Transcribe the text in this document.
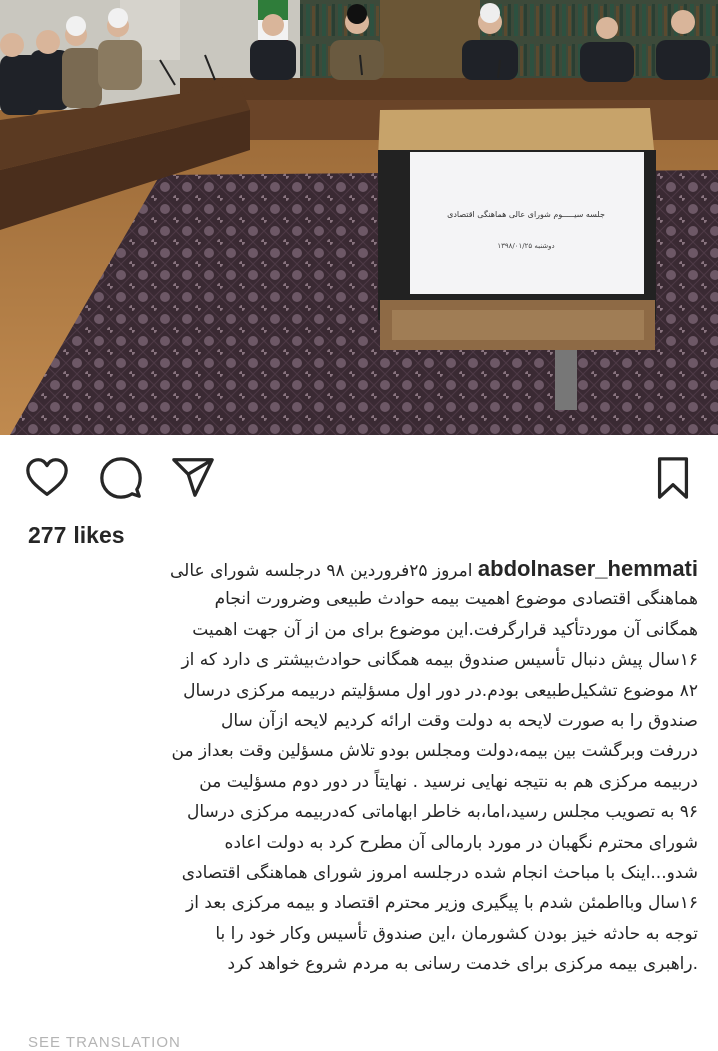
جلسه سیـــ‌ــوم شورای عالی هماهنگی اقتصادی
دوشنبه ۱۳۹۸/۰۱/۲۵
277 likes
abdolnaser_hemmati امروز ۲۵فروردین ۹۸ درجلسه شورای عالی
هماهنگی اقتصادی موضوع اهمیت بیمه حوادث طبیعی وضرورت انجام
همگانی آن موردتأکید قرارگرفت.این موضوع برای من از آن جهت اهمیت
۱۶سال پیش دنبال تأسیس صندوق بیمه همگانی حوادث‌بیشتر ی دارد که از
۸۲ موضوع تشکیل‌طبیعی بودم.در دور اول مسؤلیتم دربیمه مرکزی درسال
صندوق را به صورت لایحه به دولت وقت ارائه کردیم لایحه ازآن سال
دررفت وبرگشت بین بیمه،دولت ومجلس بودو تلاش مسؤلین وقت بعداز من
دربیمه مرکزی هم به نتیجه نهایی نرسید . نهایتاً در دور دوم مسؤلیت من
۹۶ به تصویب مجلس رسید،اما،به خاطر ابهاماتی که‌دربیمه مرکزی درسال
شورای محترم نگهبان در مورد بارمالی آن مطرح کرد به دولت اعاده
شدو...اینک با مباحث انجام شده درجلسه امروز شورای هماهنگی اقتصادی
۱۶سال وبااطمئن شدم با پیگیری وزیر محترم اقتصاد و بیمه مرکزی بعد از
توجه به حادثه خیز بودن کشورمان ،این صندوق تأسیس وکار خود را با
.راهبری بیمه مرکزی برای خدمت رسانی به مردم شروع خواهد کرد
SEE TRANSLATION
